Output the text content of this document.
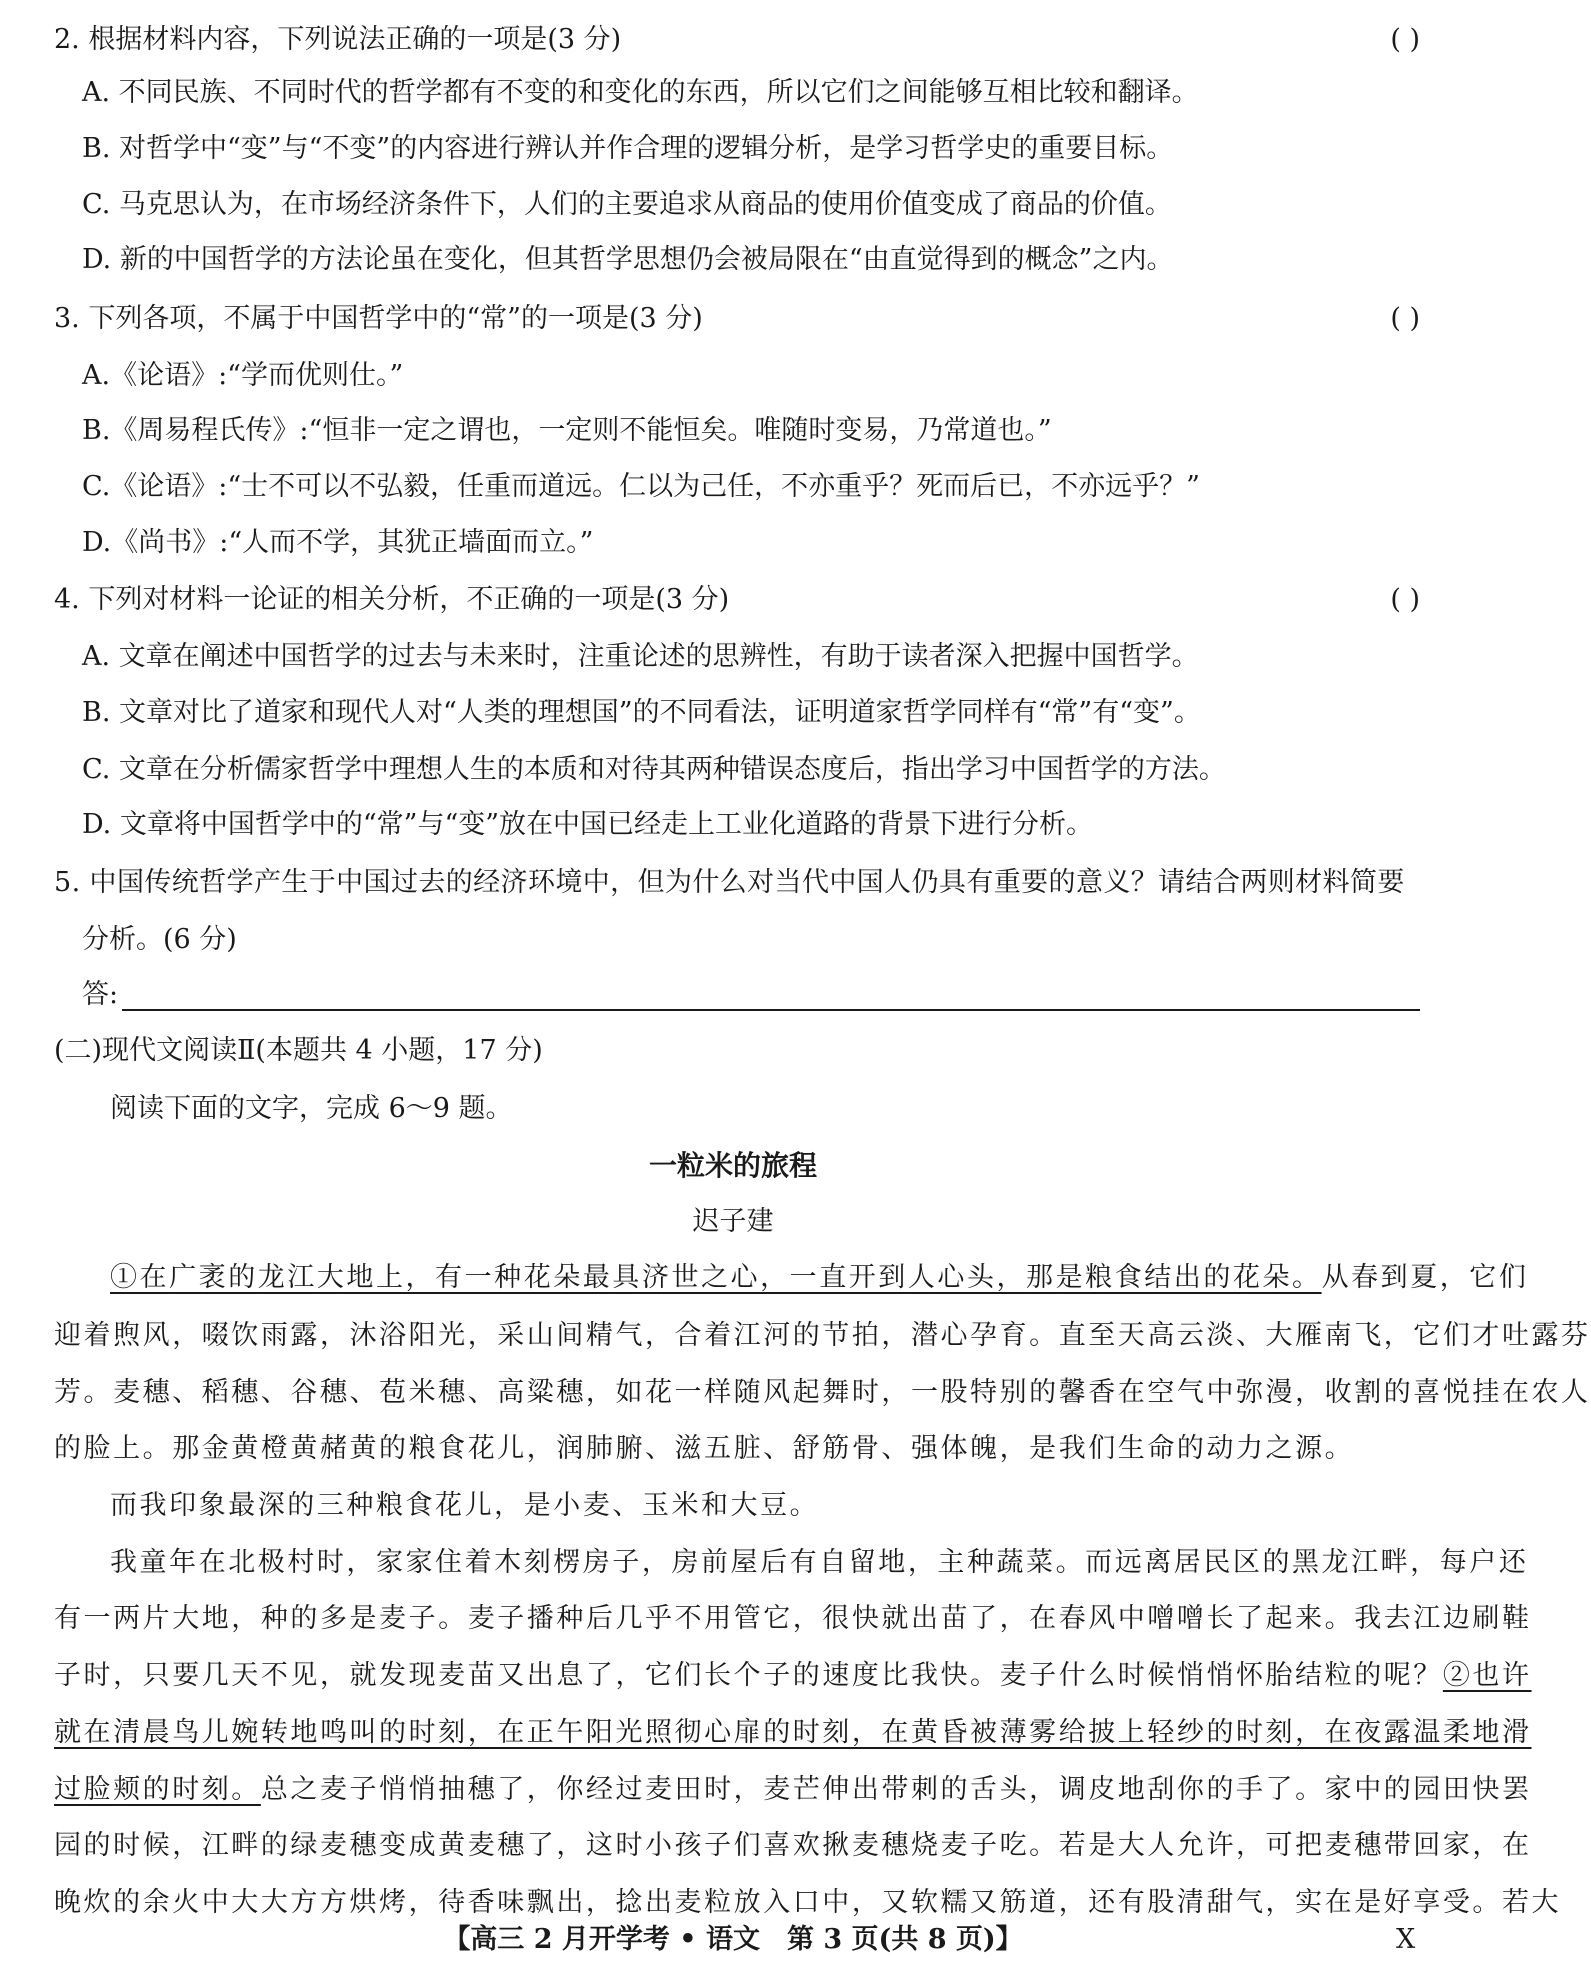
2. 根据材料内容，下列说法正确的一项是(3 分)	( )
A. 不同民族、不同时代的哲学都有不变的和变化的东西，所以它们之间能够互相比较和翻译。
B. 对哲学中“变”与“不变”的内容进行辨认并作合理的逻辑分析，是学习哲学史的重要目标。
C. 马克思认为，在市场经济条件下，人们的主要追求从商品的使用价值变成了商品的价值。
D. 新的中国哲学的方法论虽在变化，但其哲学思想仍会被局限在“由直觉得到的概念”之内。
3. 下列各项，不属于中国哲学中的“常”的一项是(3 分)	( )
A.《论语》:“学而优则仕。”
B.《周易程氏传》:“恒非一定之谓也，一定则不能恒矣。唯随时变易，乃常道也。”
C.《论语》:“士不可以不弘毅，任重而道远。仁以为己任，不亦重乎？死而后已，不亦远乎？”
D.《尚书》:“人而不学，其犹正墙面而立。”
4. 下列对材料一论证的相关分析，不正确的一项是(3 分)	( )
A. 文章在阐述中国哲学的过去与未来时，注重论述的思辨性，有助于读者深入把握中国哲学。
B. 文章对比了道家和现代人对“人类的理想国”的不同看法，证明道家哲学同样有“常”有“变”。
C. 文章在分析儒家哲学中理想人生的本质和对待其两种错误态度后，指出学习中国哲学的方法。
D. 文章将中国哲学中的“常”与“变”放在中国已经走上工业化道路的背景下进行分析。
5. 中国传统哲学产生于中国过去的经济环境中，但为什么对当代中国人仍具有重要的意义？请结合两则材料简要
分析。(6 分)
答:
(二)现代文阅读Ⅱ(本题共 4 小题，17 分)
阅读下面的文字，完成 6～9 题。
一粒米的旅程
迟子建
①在广袤的龙江大地上，有一种花朵最具济世之心，一直开到人心头，那是粮食结出的花朵。从春到夏，它们
迎着煦风，啜饮雨露，沐浴阳光，采山间精气，合着江河的节拍，潜心孕育。直至天高云淡、大雁南飞，它们才吐露芬
芳。麦穗、稻穗、谷穗、苞米穗、高粱穗，如花一样随风起舞时，一股特别的馨香在空气中弥漫，收割的喜悦挂在农人
的脸上。那金黄橙黄赭黄的粮食花儿，润肺腑、滋五脏、舒筋骨、强体魄，是我们生命的动力之源。
而我印象最深的三种粮食花儿，是小麦、玉米和大豆。
我童年在北极村时，家家住着木刻楞房子，房前屋后有自留地，主种蔬菜。而远离居民区的黑龙江畔，每户还
有一两片大地，种的多是麦子。麦子播种后几乎不用管它，很快就出苗了，在春风中噌噌长了起来。我去江边刷鞋
子时，只要几天不见，就发现麦苗又出息了，它们长个子的速度比我快。麦子什么时候悄悄怀胎结粒的呢？②也许
就在清晨鸟儿婉转地鸣叫的时刻，在正午阳光照彻心扉的时刻，在黄昏被薄雾给披上轻纱的时刻，在夜露温柔地滑
过脸颊的时刻。总之麦子悄悄抽穗了，你经过麦田时，麦芒伸出带刺的舌头，调皮地刮你的手了。家中的园田快罢
园的时候，江畔的绿麦穗变成黄麦穗了，这时小孩子们喜欢揪麦穗烧麦子吃。若是大人允许，可把麦穗带回家，在
晚炊的余火中大大方方烘烤，待香味飘出，捻出麦粒放入口中，又软糯又筋道，还有股清甜气，实在是好享受。若大
【高三 2 月开学考 • 语文　第 3 页(共 8 页)】	X
